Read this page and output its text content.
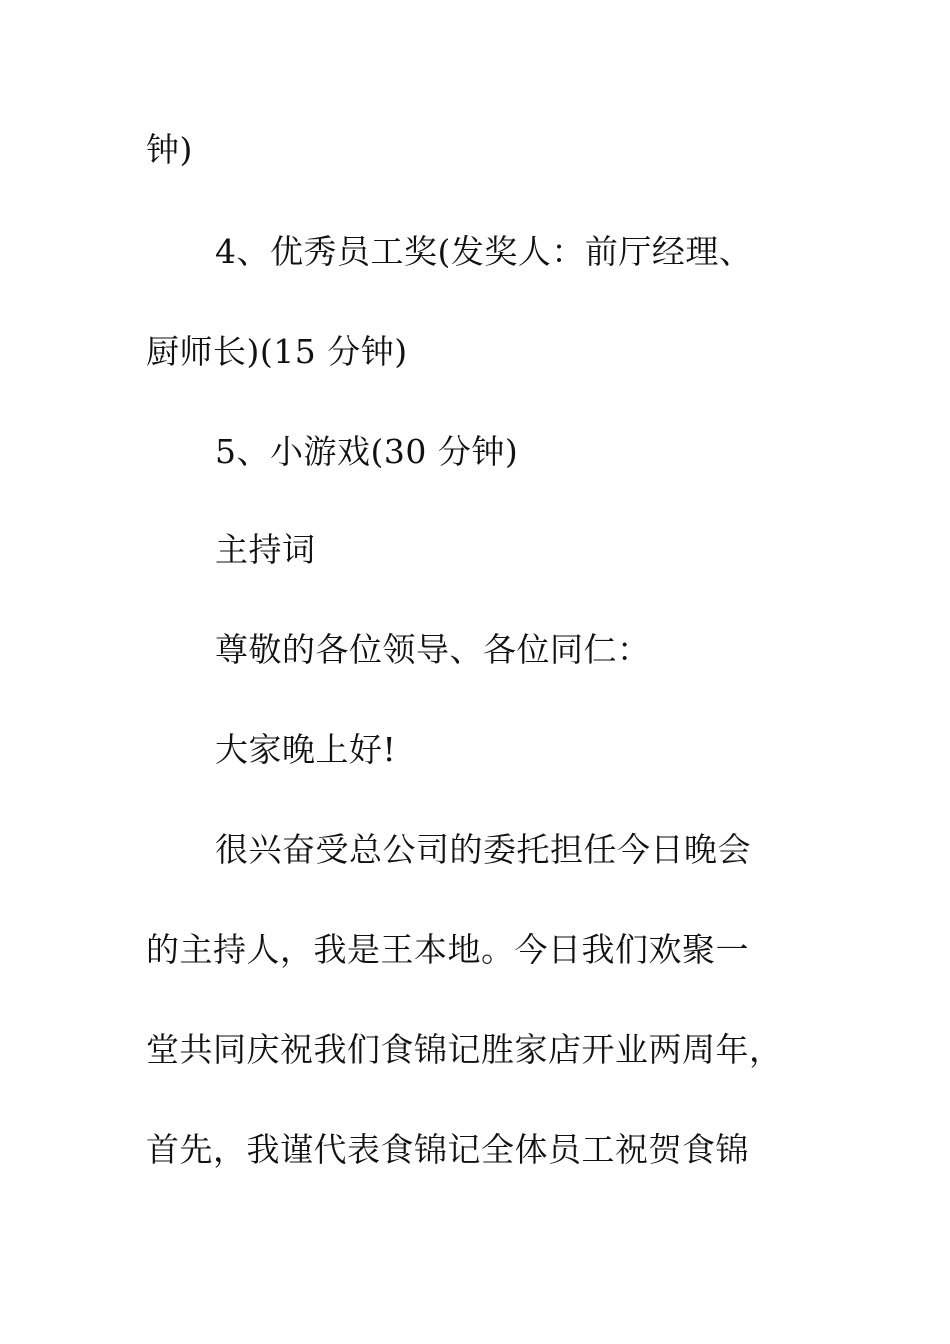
钟)
4、优秀员工奖(发奖人：前厅经理、
厨师长)(15 分钟)
5、小游戏(30 分钟)
主持词
尊敬的各位领导、各位同仁：
大家晚上好!
很兴奋受总公司的委托担任今日晚会
的主持人，我是王本地。今日我们欢聚一
堂共同庆祝我们食锦记胜家店开业两周年，
首先，我谨代表食锦记全体员工祝贺食锦
